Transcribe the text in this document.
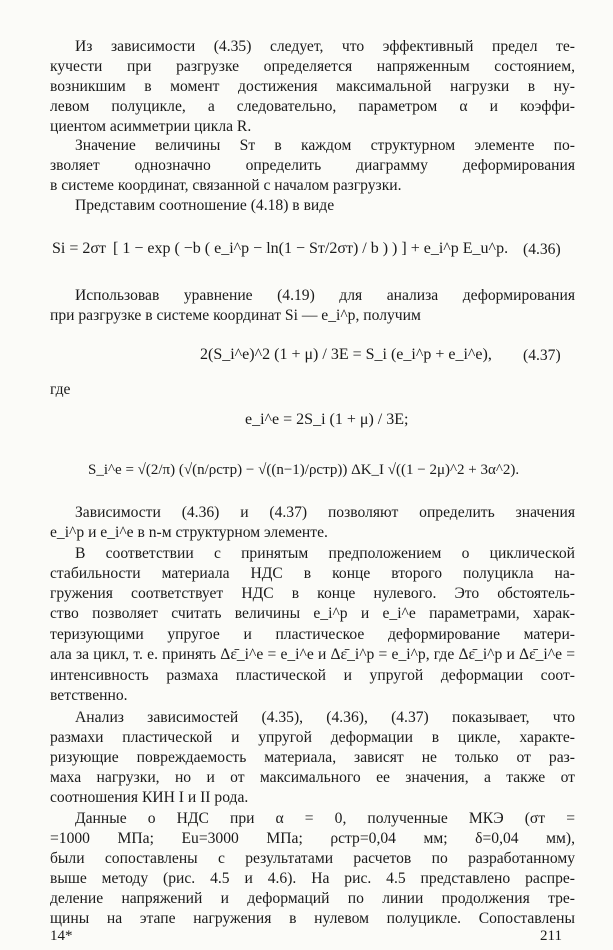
Из зависимости (4.35) следует, что эффективный предел те-
кучести при разгрузке определяется напряженным состоянием,
возникшим в момент достижения максимальной нагрузки в ну-
левом полуцикле, а следовательно, параметром α и коэффи-
циентом асимметрии цикла R.
Значение величины Sт в каждом структурном элементе по-
зволяет однозначно определить диаграмму деформирования
в системе координат, связанной с началом разгрузки.
Представим соотношение (4.18) в виде
Si = 2σт [ 1 − exp ( −b ( e_i^p − ln(1 − Sт/2σт) / b ) ) ] + e_i^p E_u^p. (4.36)
Использовав уравнение (4.19) для анализа деформирования
при разгрузке в системе координат Si — e_i^p, получим
2(S_i^e)^2 (1 + μ) / 3E = S_i (e_i^p + e_i^e), (4.37)
где
e_i^e = 2S_i (1 + μ) / 3E;
S_i^e = √(2/π) (√(n/ρстр) − √((n−1)/ρстр)) ΔK_I √((1 − 2μ)^2 + 3α^2).
Зависимости (4.36) и (4.37) позволяют определить значения
e_i^p и e_i^e в n-м структурном элементе.
В соответствии с принятым предположением о циклической
стабильности материала НДС в конце второго полуцикла на-
гружения соответствует НДС в конце нулевого. Это обстоятель-
ство позволяет считать величины e_i^p и e_i^e параметрами, харак-
теризующими упругое и пластическое деформирование матери-
ала за цикл, т. е. принять Δε̄_i^e = e_i^e и Δε̄_i^p = e_i^p, где Δε̄_i^p и Δε̄_i^e =
интенсивность размаха пластической и упругой деформации соот-
ветственно.
Анализ зависимостей (4.35), (4.36), (4.37) показывает, что
размахи пластической и упругой деформации в цикле, характе-
ризующие повреждаемость материала, зависят не только от раз-
маха нагрузки, но и от максимального ее значения, а также от
соотношения КИН I и II рода.
Данные о НДС при α = 0, полученные МКЭ (σт =
=1000 МПа; Eu=3000 МПа; ρстр=0,04 мм; δ=0,04 мм),
были сопоставлены с результатами расчетов по разработанному
выше методу (рис. 4.5 и 4.6). На рис. 4.5 представлено распре-
деление напряжений и деформаций по линии продолжения тре-
щины на этапе нагружения в нулевом полуцикле. Сопоставлены
14*	211
